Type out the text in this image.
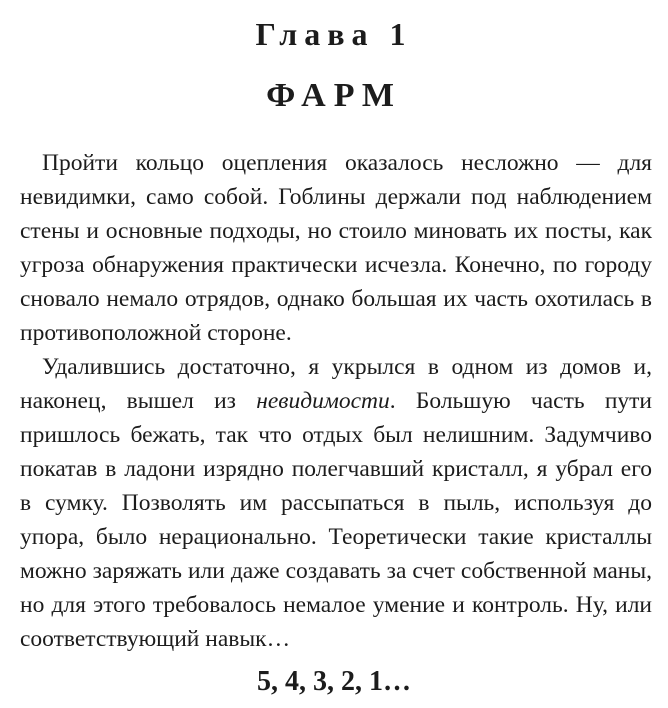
Глава 1
ФАРМ

Пройти кольцо оцепления оказалось несложно — для невидимки, само собой. Гоблины держали под наблюдением стены и основные подходы, но стоило миновать их посты, как угроза обнаружения практически исчезла. Конечно, по городу сновало немало отрядов, однако большая их часть охотилась в противоположной стороне.

Удалившись достаточно, я укрылся в одном из домов и, наконец, вышел из невидимости. Большую часть пути пришлось бежать, так что отдых был нелишним. Задумчиво покатав в ладони изрядно полегчавший кристалл, я убрал его в сумку. Позволять им рассыпаться в пыль, используя до упора, было нерационально. Теоретически такие кристаллы можно заряжать или даже создавать за счет собственной маны, но для этого требовалось немалое умение и контроль. Ну, или соответствующий навык…

5, 4, 3, 2, 1…
